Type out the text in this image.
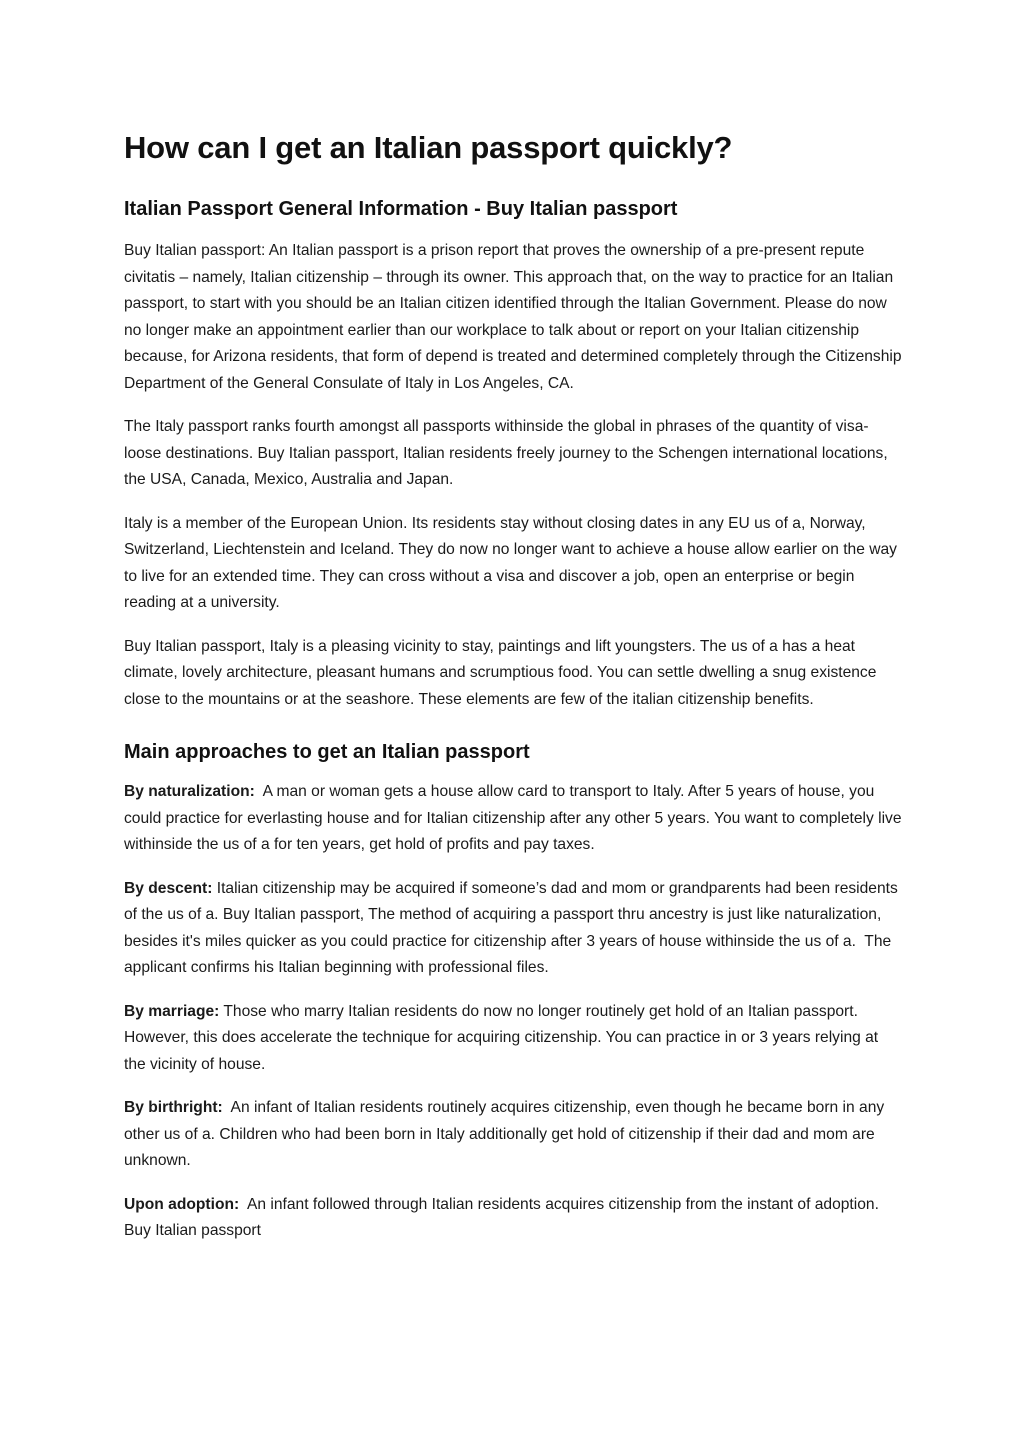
How can I get an Italian passport quickly?
Italian Passport General Information - Buy Italian passport

Buy Italian passport: An Italian passport is a prison report that proves the ownership of a pre-present repute civitatis – namely, Italian citizenship – through its owner. This approach that, on the way to practice for an Italian passport, to start with you should be an Italian citizen identified through the Italian Government. Please do now no longer make an appointment earlier than our workplace to talk about or report on your Italian citizenship because, for Arizona residents, that form of depend is treated and determined completely through the Citizenship Department of the General Consulate of Italy in Los Angeles, CA.

The Italy passport ranks fourth amongst all passports withinside the global in phrases of the quantity of visa-loose destinations. Buy Italian passport, Italian residents freely journey to the Schengen international locations, the USA, Canada, Mexico, Australia and Japan.

Italy is a member of the European Union. Its residents stay without closing dates in any EU us of a, Norway, Switzerland, Liechtenstein and Iceland. They do now no longer want to achieve a house allow earlier on the way to live for an extended time. They can cross without a visa and discover a job, open an enterprise or begin reading at a university.

Buy Italian passport, Italy is a pleasing vicinity to stay, paintings and lift youngsters. The us of a has a heat climate, lovely architecture, pleasant humans and scrumptious food. You can settle dwelling a snug existence close to the mountains or at the seashore. These elements are few of the italian citizenship benefits.

Main approaches to get an Italian passport

By naturalization:  A man or woman gets a house allow card to transport to Italy. After 5 years of house, you could practice for everlasting house and for Italian citizenship after any other 5 years. You want to completely live withinside the us of a for ten years, get hold of profits and pay taxes.

By descent: Italian citizenship may be acquired if someone’s dad and mom or grandparents had been residents of the us of a. Buy Italian passport, The method of acquiring a passport thru ancestry is just like naturalization, besides it's miles quicker as you could practice for citizenship after 3 years of house withinside the us of a.  The applicant confirms his Italian beginning with professional files.

By marriage: Those who marry Italian residents do now no longer routinely get hold of an Italian passport. However, this does accelerate the technique for acquiring citizenship. You can practice in or 3 years relying at the vicinity of house.

By birthright:  An infant of Italian residents routinely acquires citizenship, even though he became born in any other us of a. Children who had been born in Italy additionally get hold of citizenship if their dad and mom are unknown.

Upon adoption:  An infant followed through Italian residents acquires citizenship from the instant of adoption. Buy Italian passport
